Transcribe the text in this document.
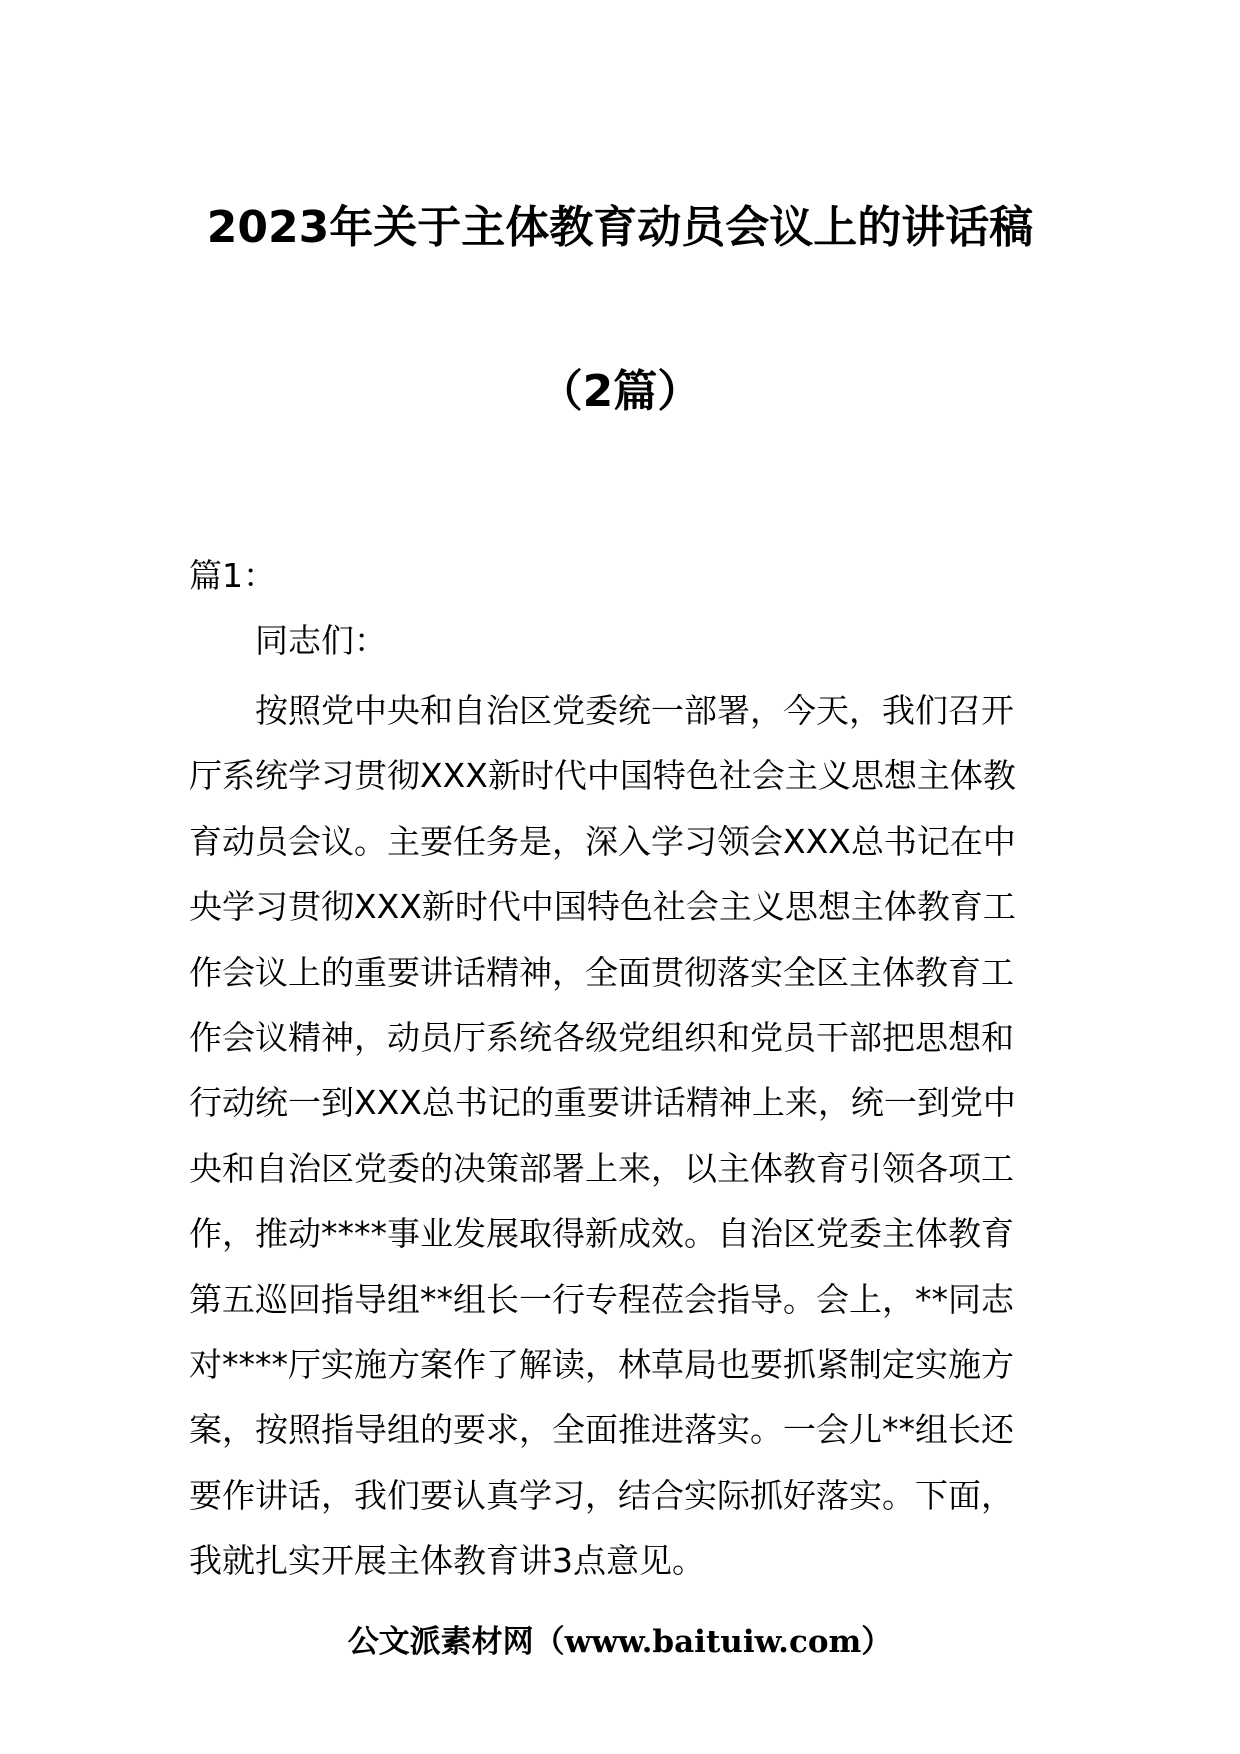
2023年关于主体教育动员会议上的讲话稿
（2篇）
篇1：
同志们：
按照党中央和自治区党委统一部署，今天，我们召开
厅系统学习贯彻XXX新时代中国特色社会主义思想主体教
育动员会议。主要任务是，深入学习领会XXX总书记在中
央学习贯彻XXX新时代中国特色社会主义思想主体教育工
作会议上的重要讲话精神，全面贯彻落实全区主体教育工
作会议精神，动员厅系统各级党组织和党员干部把思想和
行动统一到XXX总书记的重要讲话精神上来，统一到党中
央和自治区党委的决策部署上来，以主体教育引领各项工
作，推动****事业发展取得新成效。自治区党委主体教育
第五巡回指导组**组长一行专程莅会指导。会上，**同志
对****厅实施方案作了解读，林草局也要抓紧制定实施方
案，按照指导组的要求，全面推进落实。一会儿**组长还
要作讲话，我们要认真学习，结合实际抓好落实。下面，
我就扎实开展主体教育讲3点意见。
公文派素材网（www.baituiw.com）
